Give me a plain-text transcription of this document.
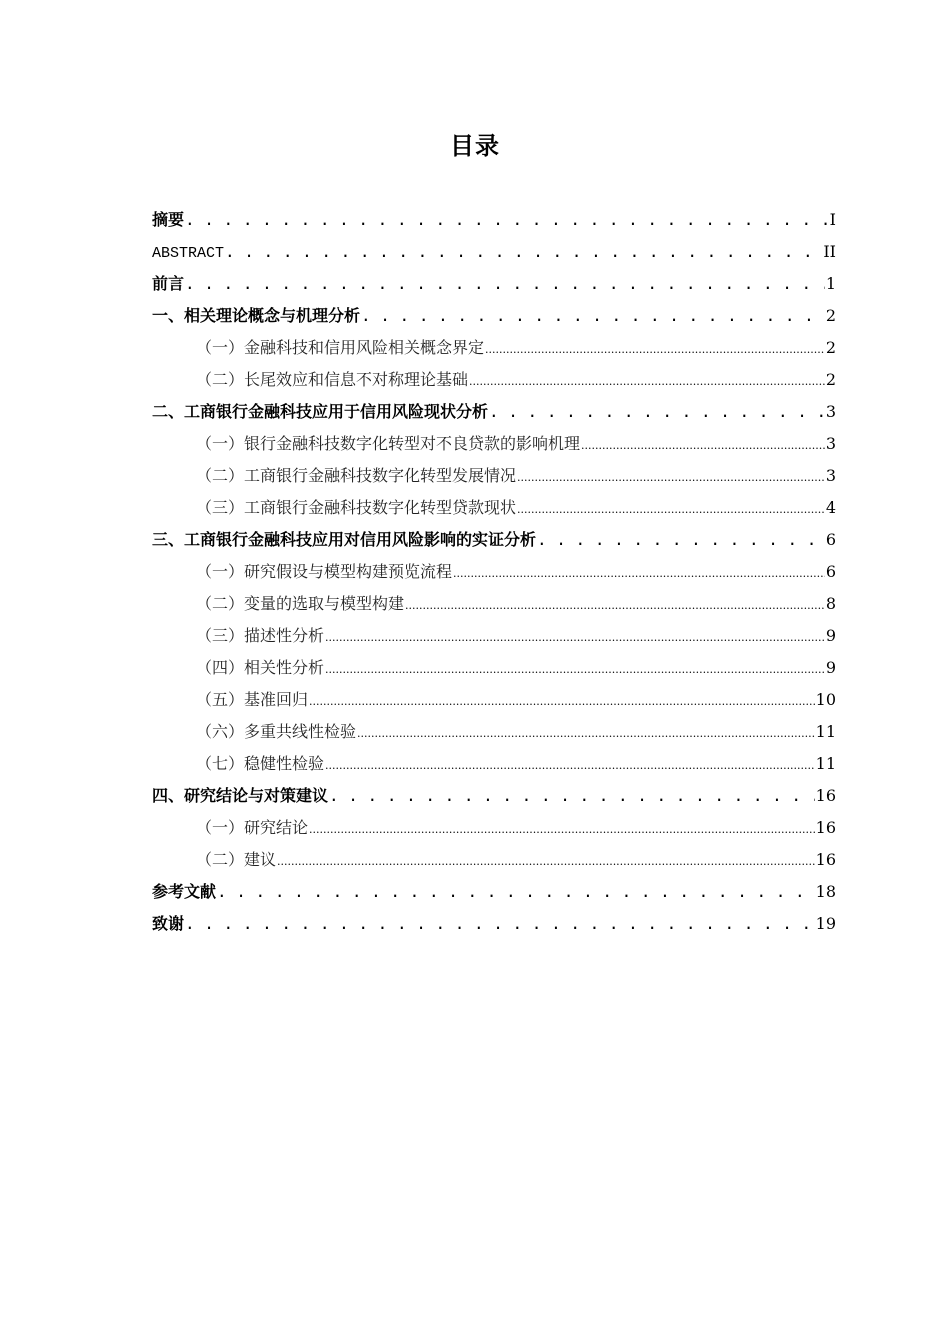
目录
摘要 . . .	I
ABSTRACT . . .	II
前言 . . .	1
一、相关理论概念与机理分析 . . .	2
（一）金融科技和信用风险相关概念界定 .....	2
（二）长尾效应和信息不对称理论基础 .....	2
二、工商银行金融科技应用于信用风险现状分析 . . .	3
（一）银行金融科技数字化转型对不良贷款的影响机理 .....	3
（二）工商银行金融科技数字化转型发展情况 .....	3
（三）工商银行金融科技数字化转型贷款现状 .....	4
三、工商银行金融科技应用对信用风险影响的实证分析 . . .	6
（一）研究假设与模型构建预览流程 .....	6
（二）变量的选取与模型构建 .....	8
（三）描述性分析 .....	9
（四）相关性分析 .....	9
（五）基准回归 .....	10
（六）多重共线性检验 .....	11
（七）稳健性检验 .....	11
四、研究结论与对策建议 . . .	16
（一）研究结论 .....	16
（二）建议 .....	16
参考文献 . . .	18
致谢 . . .	19
